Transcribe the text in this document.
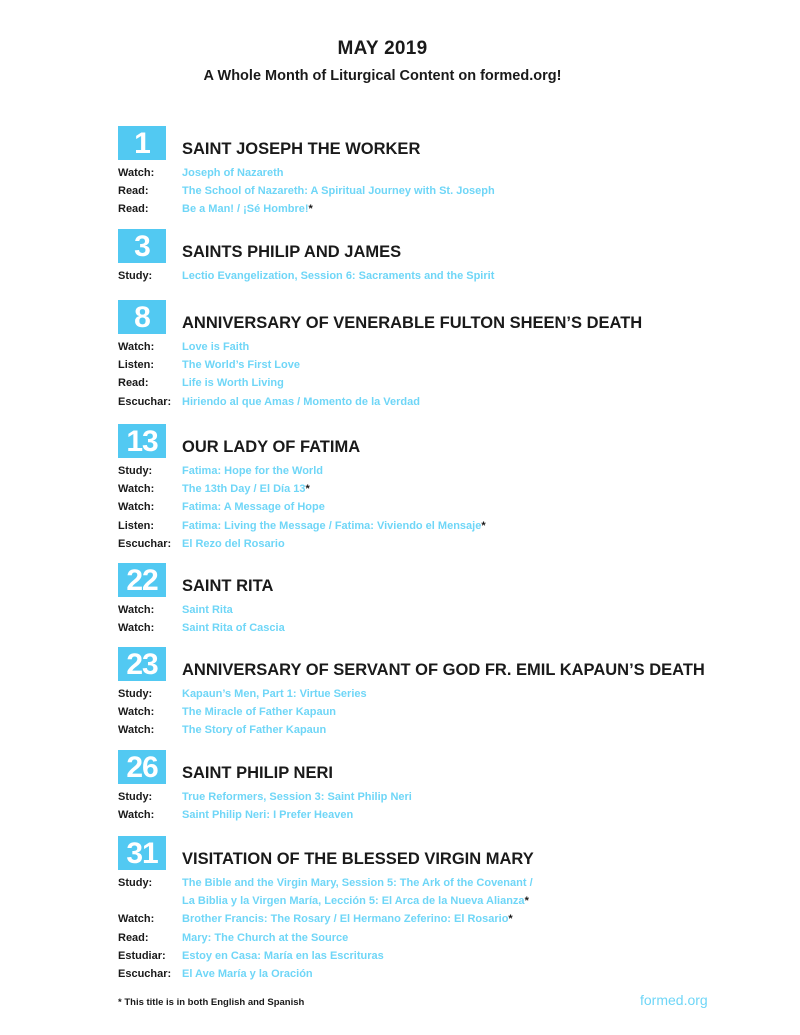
MAY 2019

A Whole Month of Liturgical Content on formed.org!

1	SAINT JOSEPH THE WORKER
Watch:	Joseph of Nazareth
Read:	The School of Nazareth: A Spiritual Journey with St. Joseph
Read:	Be a Man! / ¡Sé Hombre!*
3	SAINTS PHILIP AND JAMES
Study:	Lectio Evangelization, Session 6: Sacraments and the Spirit
8	ANNIVERSARY OF VENERABLE FULTON SHEEN’S DEATH
Watch:	Love is Faith
Listen:	The World’s First Love
Read:	Life is Worth Living
Escuchar: Hiriendo al que Amas / Momento de la Verdad
13	OUR LADY OF FATIMA
Study:	Fatima: Hope for the World
Watch:	The 13th Day / El Día 13*
Watch:	Fatima: A Message of Hope
Listen:	Fatima: Living the Message / Fatima: Viviendo el Mensaje*
Escuchar: El Rezo del Rosario
22	SAINT RITA
Watch:	Saint Rita
Watch:	Saint Rita of Cascia
23	ANNIVERSARY OF SERVANT OF GOD FR. EMIL KAPAUN’S DEATH
Study:	Kapaun’s Men, Part 1: Virtue Series
Watch:	The Miracle of Father Kapaun
Watch:	The Story of Father Kapaun
26	SAINT PHILIP NERI
Study:	True Reformers, Session 3: Saint Philip Neri
Watch:	Saint Philip Neri: I Prefer Heaven
31	VISITATION OF THE BLESSED VIRGIN MARY
Study:	The Bible and the Virgin Mary, Session 5: The Ark of the Covenant /
La Biblia y la Virgen María, Lección 5: El Arca de la Nueva Alianza*
Watch:	Brother Francis: The Rosary / El Hermano Zeferino: El Rosario*
Read:	Mary: The Church at the Source
Estudiar:	Estoy en Casa: María en las Escrituras
Escuchar: El Ave María y la Oración
* This title is in both English and Spanish	formed.org
